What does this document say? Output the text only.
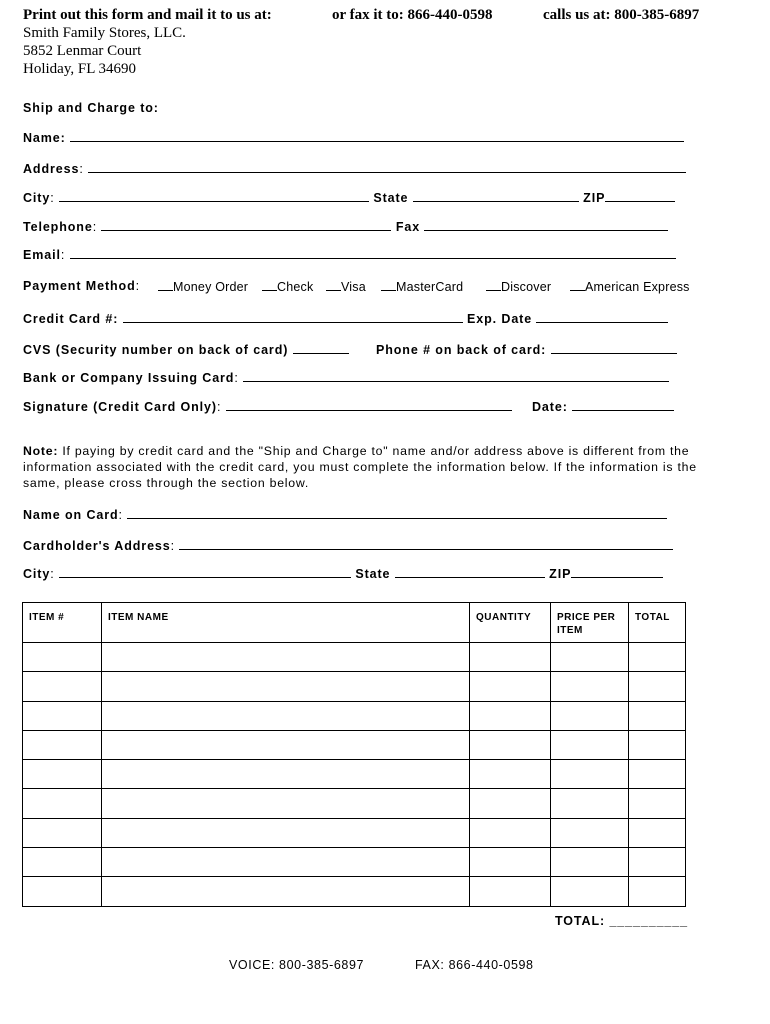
Print out this form and mail it to us at:	or fax it to: 866-440-0598	calls us at: 800-385-6897
Smith Family Stores, LLC.
5852 Lenmar Court
Holiday, FL 34690
Ship and Charge to:
Name:
Address:
City:	State	ZIP
Telephone:	Fax
Email:
Payment Method:	Money Order	Check	Visa	MasterCard	Discover	American Express
Credit Card #:	Exp. Date
CVS (Security number on back of card)	Phone # on back of card:
Bank or Company Issuing Card:
Signature (Credit Card Only):	Date:
Note: If paying by credit card and the "Ship and Charge to" name and/or address above is different from the information associated with the credit card, you must complete the information below. If the information is the same, please cross through the section below.
Name on Card:
Cardholder's Address:
City:	State	ZIP
ITEM #	ITEM NAME	QUANTITY	PRICE PER ITEM	TOTAL

TOTAL: __________
VOICE: 800-385-6897	FAX: 866-440-0598
